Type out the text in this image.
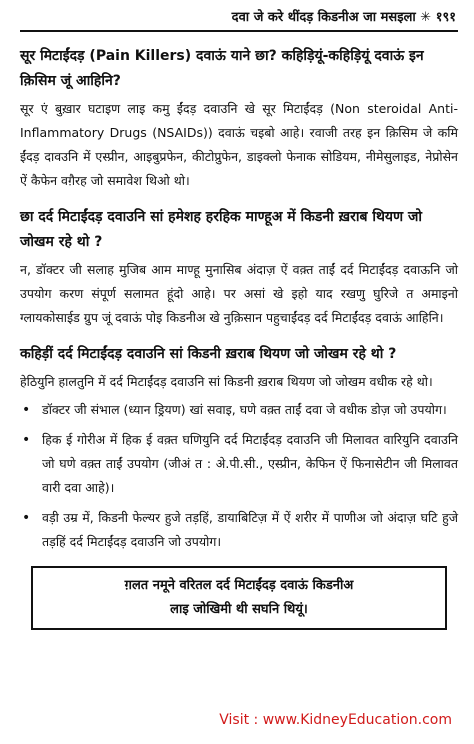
दवा जे करे थींदड़ किडनीअ जा मसइला ✳ १९१
सूर मिटाईंदड़ (Pain Killers) दवाऊं याने छा? कहिड़ियूं-कहिड़ियूं दवाऊं इन क़िसिम जूं आहिनि?

सूर एं बुख़ार घटाइण लाइ कमु ईंदड़ दवाउनि खे सूर मिटाईंदड़ (Non steroidal Anti-Inflammatory Drugs (NSAIDs)) दवाऊं चइबो आहे। रवाजी तरह इन क़िसिम जे कमि ईंदड़ दावउनि में एस्प्रीन, आइबुप्रफेन, कीटोप्रुफेन, डाइक्लो फेनाक सोडियम, नीमेसुलाइड, नेप्रोसेन ऐं कैफेन वग़ैरह जो समावेश थिओ थो।

छा दर्द मिटाईंदड़ दवाउनि सां हमेशह हरहिक माण्हूअ में किडनी ख़राब थियण जो जोखम रहे थो ?

न, डॉक्टर जी सलाह मुजिब आम माण्हू मुनासिब अंदाज़ ऐं वक़्त ताईं दर्द मिटाईंदड़ दवाऊनि जो उपयोग करण संपूर्ण सलामत हूंदो आहे। पर असां खे इहो याद रखणु घुरिजे त अमाइनो ग्लायकोसाईड ग्रुप जूं दवाऊं पोइ किडनीअ खे नुक़िसान पहुचाईंदड़ दर्द मिटाईंदड़ दवाऊं आहिनि।

कहिड़ीं दर्द मिटाईंदड़ दवाउनि सां किडनी ख़राब थियण जो जोखम रहे थो ?

हेठियुनि हालतुनि में दर्द मिटाईंदड़ दवाउनि सां किडनी ख़राब थियण जो जोखम वधीक रहे थो।

• डॉक्टर जी संभाल (ध्यान ड्रियण) खां सवाइ, घणे वक़्त ताईं दवा जे वधीक डोज़ जो उपयोग।
• हिक ई गोरीअ में हिक ई वक़्त घणियुनि दर्द मिटाईंदड़ दवाउनि जी मिलावत वारियुनि दवाउनि जो घणे वक़्त ताईं उपयोग (जीअं त : अे.पी.सी., एस्प्रीन, केफिन ऐं फिनासेटीन जी मिलावत वारी दवा आहे)।
• वड़ी उम्र में, किडनी फेल्यर हुजे तड़हिं, डायाबिटिज़ में ऐं शरीर में पाणीअ जो अंदाज़ घटि हुजे तड़हिं दर्द मिटाईंदड़ दवाउनि जो उपयोग।
ग़लत नमूने वरितल दर्द मिटाईंदड़ दवाऊं किडनीअ
लाइ जोखिमी थी सघनि थियूं।
Visit : www.KidneyEducation.com
